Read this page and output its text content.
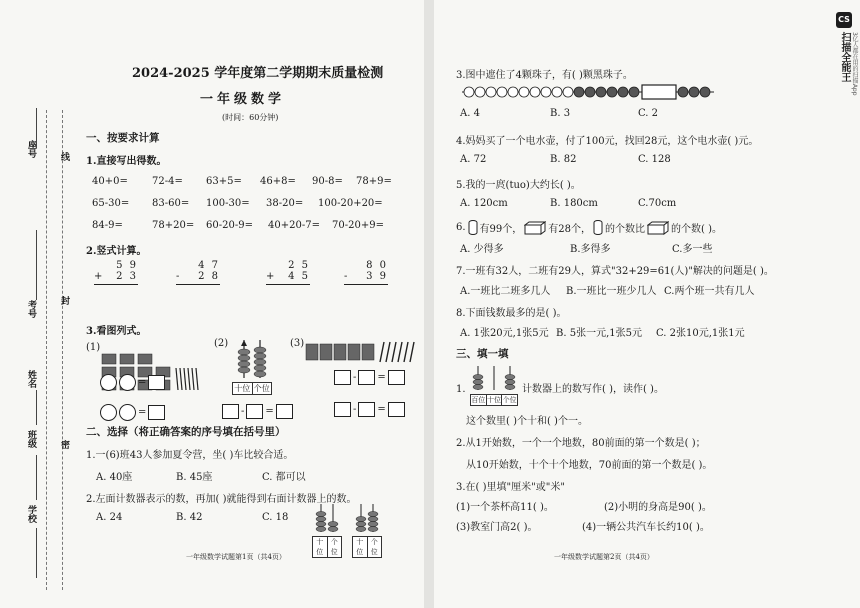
座号	线
考号	封
姓名
班级	密
学校
2024-2025 学年度第二学期期末质量检测
一年级数学
(时间：60分钟)
一、按要求计算
1.直接写出得数。
40+0= 72-4= 63+5= 46+8= 90-8= 78+9=
65-30= 83-60= 100-30= 38-20= 100-20+20=
84-9=	78+20= 60-20-9= 40+20-7= 70-20+9=
2.竖式计算。
5 9
+ 2 3
4 7
- 2 8
2 5
+ 4 5
8 0
- 3 9
3.看图列式。
(1)
=
=
(2)
十位 个位
- =
(3)
- =
- =
二、选择（将正确答案的序号填在括号里）
1.一(6)班43人参加夏令营，坐( )车比较合适。
A. 40座	B. 45座	C. 都可以
2.左面计数器表示的数，再加( )就能得到右面计数器上的数。
A. 24	B. 42	C. 18
十位
个位
十位
个位
一年级数学试题第1页（共4页）
3.图中遮住了4颗珠子，有( )颗黑珠子。
A. 4	B. 3	C. 2
4.妈妈买了一个电水壶，付了100元，找回28元，这个电水壶( )元。
A. 72	B. 82	C. 128
5.我的一庹(tuo)大约长( )。
A. 120cm	B. 180cm	C.70cm
6. 有99个，	有28个， 的个数比	的个数( )。
A. 少得多	B.多得多	C.多一些
7.一班有32人，二班有29人，算式"32+29=61(人)"解决的问题是( )。
A.一班比二班多几人 B.一班比一班少几人 C.两个班一共有几人
8.下面钱数最多的是( )。
A. 1张20元,1张5元 B. 5张一元,1张5元 C. 2张10元,1张1元
三、填一填
1.
百位 十位 个位
计数器上的数写作( )，读作( )。
这个数里( )个十和( )个一。
2.从1开始数，一个一个地数，80前面的第一个数是( )；
从10开始数，十个十个地数，70前面的第一个数是( )。
3.在( )里填"厘米"或"米"
(1)一个茶杯高11( )。	(2)小明的身高是90( )。
(3)教室门高2( )。	(4)一辆公共汽车长约10( )。
一年级数学试题第2页（共4页）
CS
扫描全能王 3亿人都在用的扫描App
